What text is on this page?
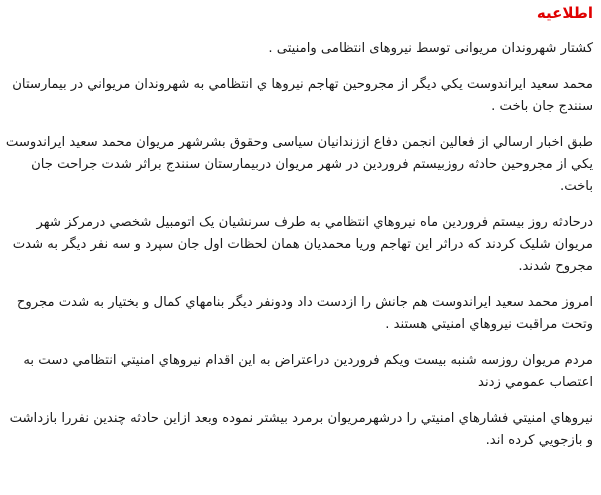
اطلاعیه

کشتار شهروندان مریوانی توسط نیروهای انتظامی وامنیتی .

محمد سعید ایراندوست یکي دیگر از مجروحین تهاجم نیروها ي انتظامي به شهروندان مریواني در بیمارستان سنندج جان باخت .

طبق اخبار ارسالي از فعالین انجمن دفاع اززندانیان سیاسی وحقوق بشرشهر مریوان محمد سعید ایراندوست یکي از مجروحین حادثه روزبیستم فروردین در شهر مریوان دربیمارستان سنندج براثر شدت جراحت جان باخت.

درحادثه روز بیستم فروردین ماه نیروهاي انتظامي به طرف سرنشیان یک اتومبیل شخصي درمرکز شهر مریوان شلیک کردند که دراثر این تهاجم وریا محمدیان همان لحظات اول جان سپرد و سه نفر دیگر به شدت مجروح شدند.

امروز محمد سعید ایراندوست هم جانش را ازدست داد ودونفر دیگر بنامهاي کمال و بختیار به شدت مجروح وتحت مراقبت نیروهاي امنیتي هستند .

مردم مریوان روزسه شنبه بیست ویکم فروردین دراعتراض به این اقدام نیروهاي امنیتي انتظامي دست به اعتصاب عمومي زدند

نیروهاي امنیتي فشارهاي امنیتي را درشهرمریوان برمرد بیشتر نموده وبعد ازاین حادثه چندین نفررا بازداشت و بازجويي کرده اند.
